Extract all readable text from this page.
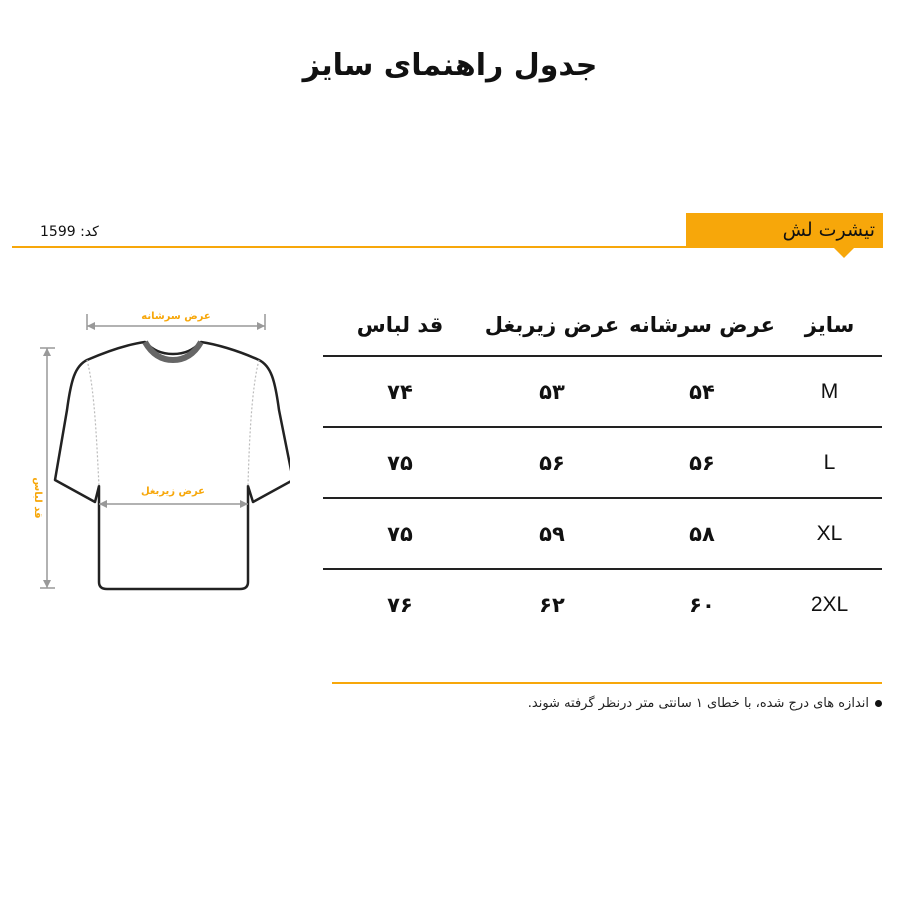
جدول راهنمای سایز
تیشرت لش
کد: 1599
عرض سرشانه
قد لباس	عرض زیربغل
سایز	عرض سرشانه	عرض زیربغل	قد لباس
M	۵۴	۵۳	۷۴
L	۵۶	۵۶	۷۵
XL	۵۸	۵۹	۷۵
2XL	۶۰	۶۲	۷۶
اندازه های درج شده، با خطای ۱ سانتی متر درنظر گرفته شوند.
